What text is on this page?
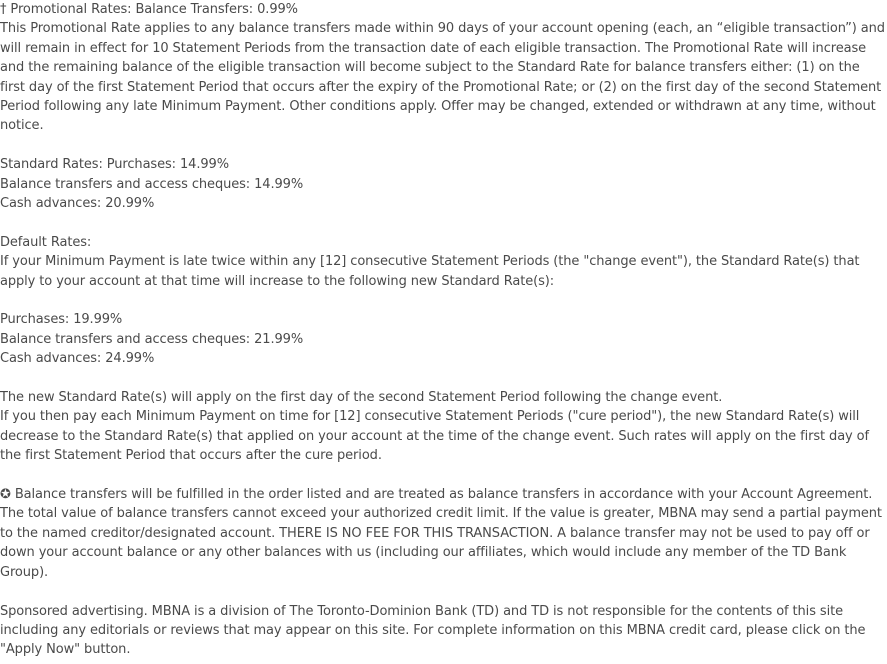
† Promotional Rates: Balance Transfers: 0.99%
This Promotional Rate applies to any balance transfers made within 90 days of your account opening (each, an “eligible transaction”) and will remain in effect for 10 Statement Periods from the transaction date of each eligible transaction. The Promotional Rate will increase and the remaining balance of the eligible transaction will become subject to the Standard Rate for balance transfers either: (1) on the first day of the first Statement Period that occurs after the expiry of the Promotional Rate; or (2) on the first day of the second Statement Period following any late Minimum Payment. Other conditions apply. Offer may be changed, extended or withdrawn at any time, without notice.
Standard Rates: Purchases: 14.99%
Balance transfers and access cheques: 14.99%
Cash advances: 20.99%
Default Rates:
If your Minimum Payment is late twice within any [12] consecutive Statement Periods (the "change event"), the Standard Rate(s) that apply to your account at that time will increase to the following new Standard Rate(s):
Purchases: 19.99%
Balance transfers and access cheques: 21.99%
Cash advances: 24.99%
The new Standard Rate(s) will apply on the first day of the second Statement Period following the change event.
If you then pay each Minimum Payment on time for [12] consecutive Statement Periods ("cure period"), the new Standard Rate(s) will decrease to the Standard Rate(s) that applied on your account at the time of the change event. Such rates will apply on the first day of the first Statement Period that occurs after the cure period.
✪ Balance transfers will be fulfilled in the order listed and are treated as balance transfers in accordance with your Account Agreement. The total value of balance transfers cannot exceed your authorized credit limit. If the value is greater, MBNA may send a partial payment to the named creditor/designated account. THERE IS NO FEE FOR THIS TRANSACTION. A balance transfer may not be used to pay off or down your account balance or any other balances with us (including our affiliates, which would include any member of the TD Bank Group).
Sponsored advertising. MBNA is a division of The Toronto-Dominion Bank (TD) and TD is not responsible for the contents of this site including any editorials or reviews that may appear on this site. For complete information on this MBNA credit card, please click on the "Apply Now" button.
